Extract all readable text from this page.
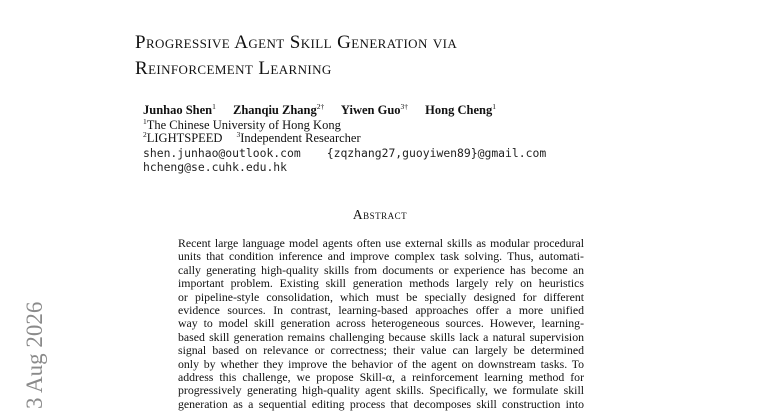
Progressive Agent Skill Generation via
Reinforcement Learning
Junhao Shen$^1$ Zhanqiu Zhang$^{2\dagger}$ Yiwen Guo$^{3\dagger}$ Hong Cheng$^1$
$^1$The Chinese University of Hong Kong
$^2$LIGHTSPEED $^3$Independent Researcher
shen.junhao@outlook.com {zqzhang27,guoyiwen89}@gmail.com
hcheng@se.cuhk.edu.hk
Abstract
Recent large language model agents often use external skills as modular procedural
units that condition inference and improve complex task solving. Thus, automati-
cally generating high-quality skills from documents or experience has become an
important problem. Existing skill generation methods largely rely on heuristics
or pipeline-style consolidation, which must be specially designed for different
evidence sources. In contrast, learning-based approaches offer a more unified
way to model skill generation across heterogeneous sources. However, learning-
based skill generation remains challenging because skills lack a natural supervision
signal based on relevance or correctness; their value can largely be determined
only by whether they improve the behavior of the agent on downstream tasks. To
address this challenge, we propose Skill-α, a reinforcement learning method for
progressively generating high-quality agent skills. Specifically, we formulate skill
generation as a sequential editing process that decomposes skill construction into
3 Aug 2026
